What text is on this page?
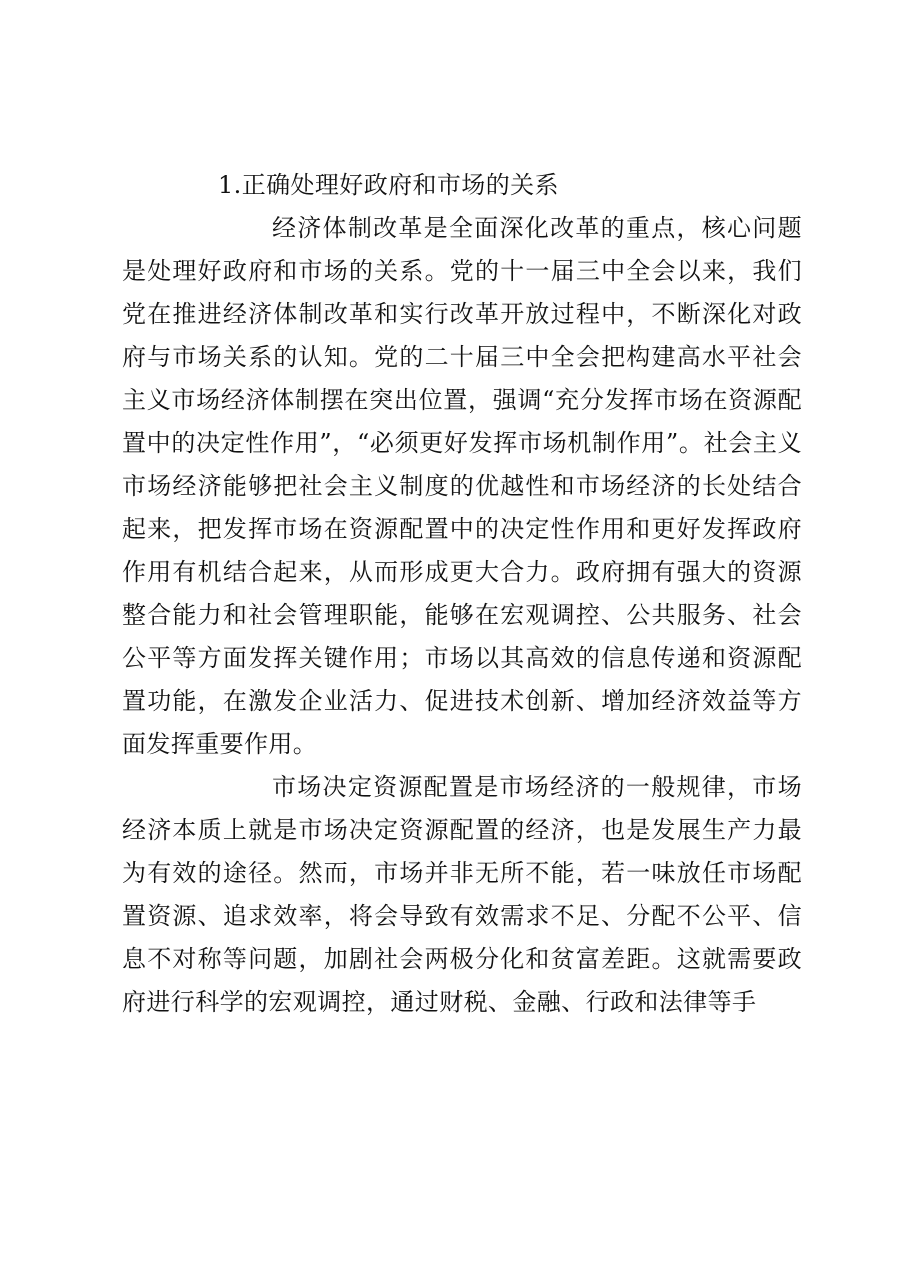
1.正确处理好政府和市场的关系

经济体制改革是全面深化改革的重点，核心问题是处理好政府和市场的关系。党的十一届三中全会以来，我们党在推进经济体制改革和实行改革开放过程中，不断深化对政府与市场关系的认知。党的二十届三中全会把构建高水平社会主义市场经济体制摆在突出位置，强调“充分发挥市场在资源配置中的决定性作用”，“必须更好发挥市场机制作用”。社会主义市场经济能够把社会主义制度的优越性和市场经济的长处结合起来，把发挥市场在资源配置中的决定性作用和更好发挥政府作用有机结合起来，从而形成更大合力。政府拥有强大的资源整合能力和社会管理职能，能够在宏观调控、公共服务、社会公平等方面发挥关键作用；市场以其高效的信息传递和资源配置功能，在激发企业活力、促进技术创新、增加经济效益等方面发挥重要作用。

市场决定资源配置是市场经济的一般规律，市场经济本质上就是市场决定资源配置的经济，也是发展生产力最为有效的途径。然而，市场并非无所不能，若一味放任市场配置资源、追求效率，将会导致有效需求不足、分配不公平、信息不对称等问题，加剧社会两极分化和贫富差距。这就需要政府进行科学的宏观调控，通过财税、金融、行政和法律等手
